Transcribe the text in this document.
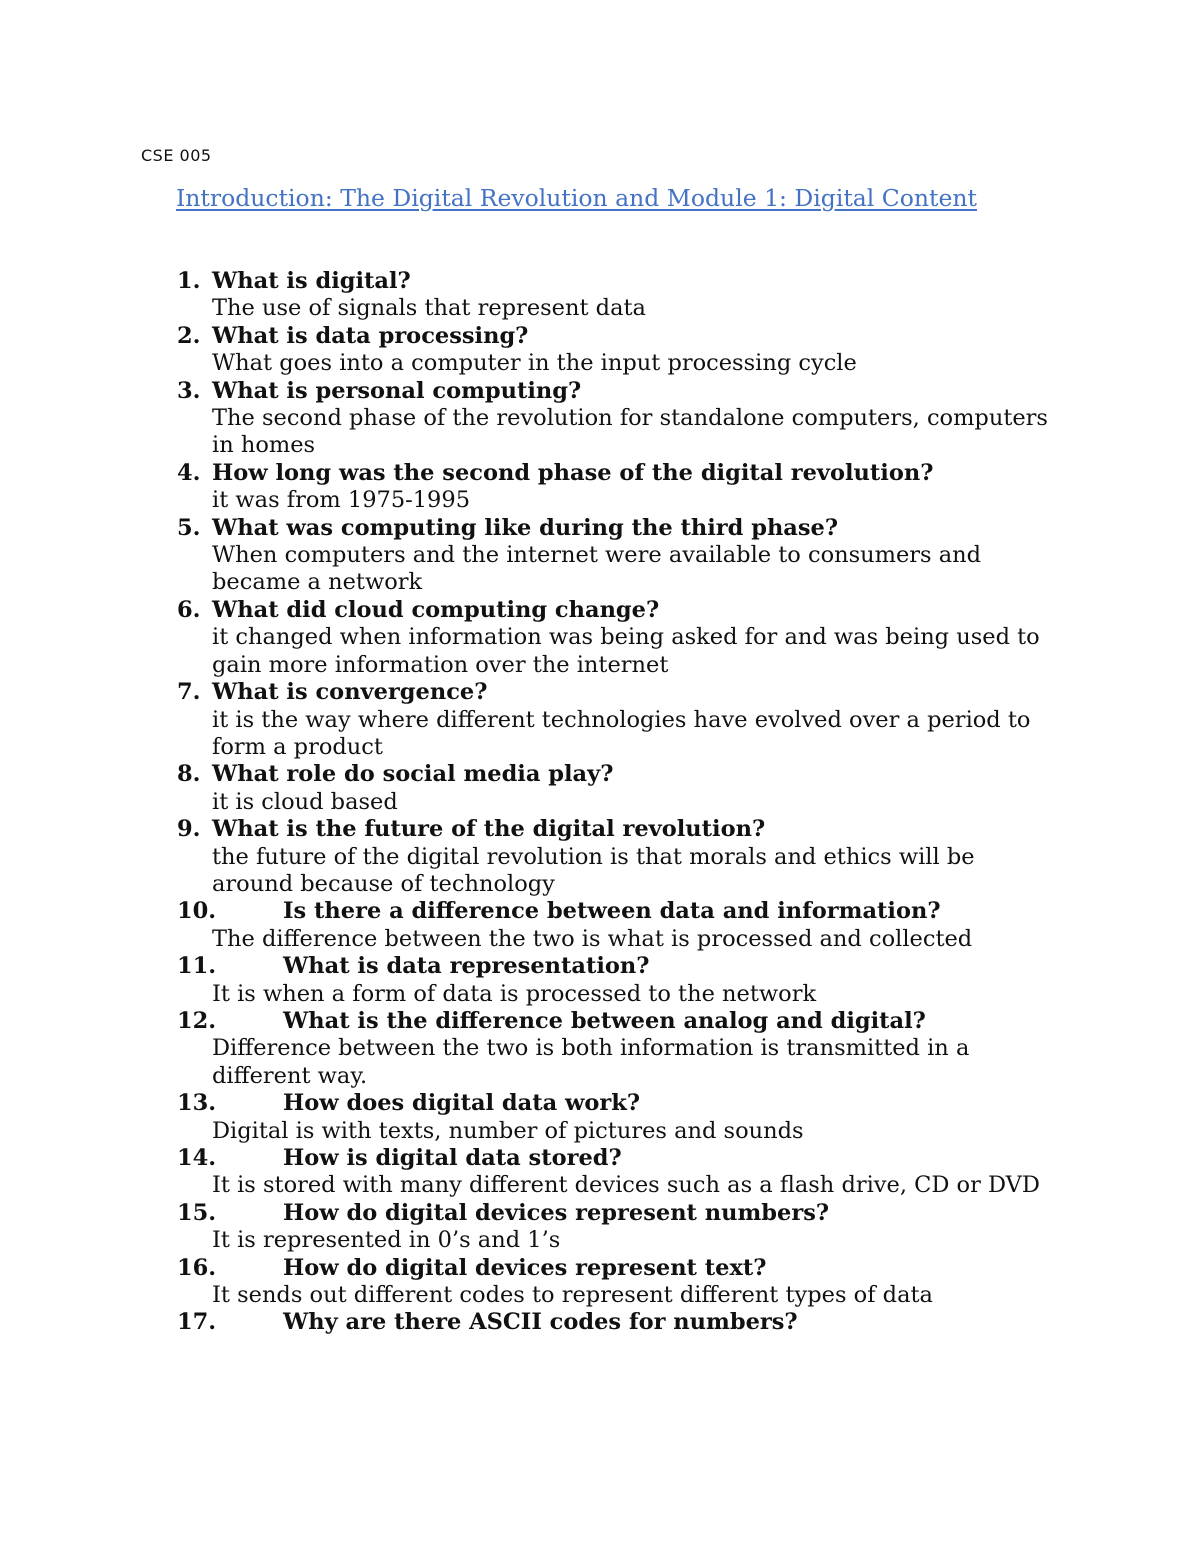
CSE 005
Introduction: The Digital Revolution and Module 1: Digital Content
1. What is digital?
The use of signals that represent data
2. What is data processing?
What goes into a computer in the input processing cycle
3. What is personal computing?
The second phase of the revolution for standalone computers, computers in homes
4. How long was the second phase of the digital revolution?
it was from 1975-1995
5. What was computing like during the third phase?
When computers and the internet were available to consumers and became a network
6. What did cloud computing change?
it changed when information was being asked for and was being used to gain more information over the internet
7. What is convergence?
it is the way where different technologies have evolved over a period to form a product
8. What role do social media play?
it is cloud based
9. What is the future of the digital revolution?
the future of the digital revolution is that morals and ethics will be around because of technology
10.	Is there a difference between data and information?
The difference between the two is what is processed and collected
11.	What is data representation?
It is when a form of data is processed to the network
12.	What is the difference between analog and digital?
Difference between the two is both information is transmitted in a different way.
13.	How does digital data work?
Digital is with texts, number of pictures and sounds
14.	How is digital data stored?
It is stored with many different devices such as a flash drive, CD or DVD
15.	How do digital devices represent numbers?
It is represented in 0’s and 1’s
16.	How do digital devices represent text?
It sends out different codes to represent different types of data
17.	Why are there ASCII codes for numbers?
